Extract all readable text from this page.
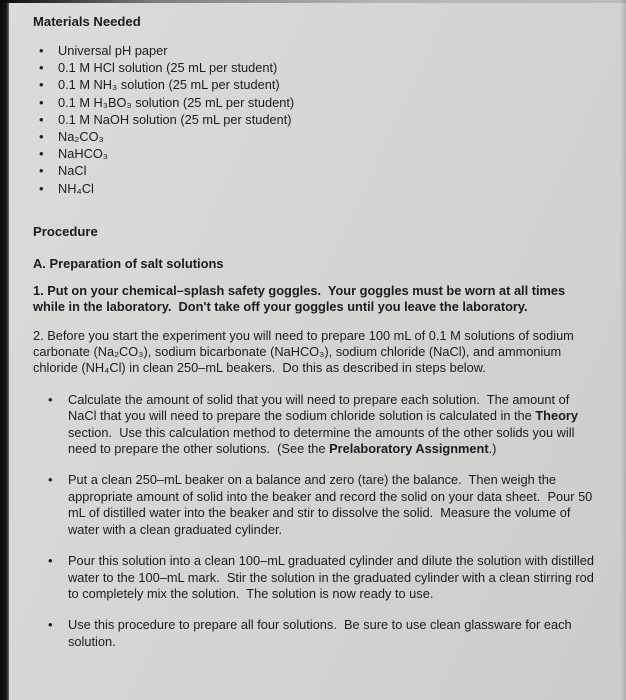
Materials Needed
•	Universal pH paper
•	0.1 M HCl solution (25 mL per student)
•	0.1 M NH₃ solution (25 mL per student)
•	0.1 M H₃BO₃ solution (25 mL per student)
•	0.1 M NaOH solution (25 mL per student)
•	Na₂CO₃
•	NaHCO₃
•	NaCl
•	NH₄Cl
Procedure
A. Preparation of salt solutions

1. Put on your chemical–splash safety goggles.  Your goggles must be worn at all times while in the laboratory.  Don't take off your goggles until you leave the laboratory.

2. Before you start the experiment you will need to prepare 100 mL of 0.1 M solutions of sodium carbonate (Na₂CO₃), sodium bicarbonate (NaHCO₃), sodium chloride (NaCl), and ammonium chloride (NH₄Cl) in clean 250–mL beakers.  Do this as described in steps below.

•	Calculate the amount of solid that you will need to prepare each solution.  The amount of NaCl that you will need to prepare the sodium chloride solution is calculated in the Theory section.  Use this calculation method to determine the amounts of the other solids you will need to prepare the other solutions.  (See the Prelaboratory Assignment.)
•	Put a clean 250–mL beaker on a balance and zero (tare) the balance.  Then weigh the appropriate amount of solid into the beaker and record the solid on your data sheet.  Pour 50 mL of distilled water into the beaker and stir to dissolve the solid.  Measure the volume of water with a clean graduated cylinder.
•	Pour this solution into a clean 100–mL graduated cylinder and dilute the solution with distilled water to the 100–mL mark.  Stir the solution in the graduated cylinder with a clean stirring rod to completely mix the solution.  The solution is now ready to use.
•	Use this procedure to prepare all four solutions.  Be sure to use clean glassware for each solution.
